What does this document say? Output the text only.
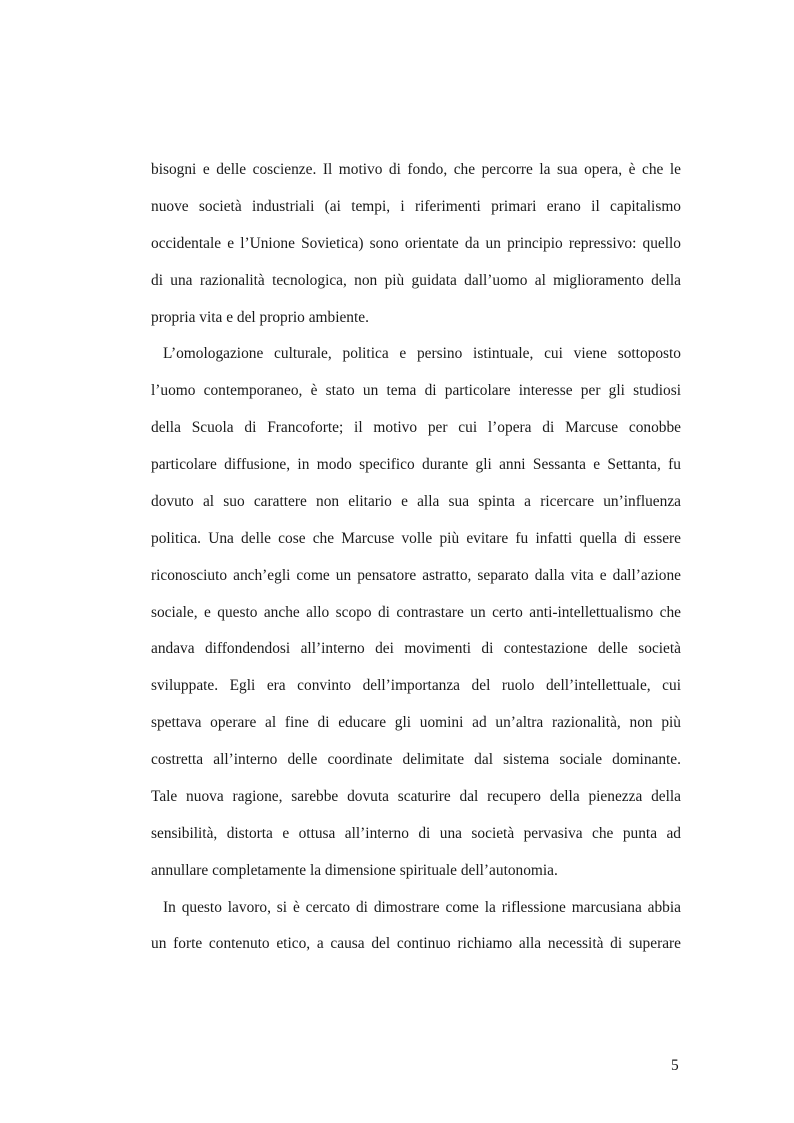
bisogni e delle coscienze. Il motivo di fondo, che percorre la sua opera, è che le
nuove società industriali (ai tempi, i riferimenti primari erano il capitalismo
occidentale e l’Unione Sovietica) sono orientate da un principio repressivo: quello
di una razionalità tecnologica, non più guidata dall’uomo al miglioramento della
propria vita e del proprio ambiente.
L’omologazione culturale, politica e persino istintuale, cui viene sottoposto
l’uomo contemporaneo, è stato un tema di particolare interesse per gli studiosi
della Scuola di Francoforte; il motivo per cui l’opera di Marcuse conobbe
particolare diffusione, in modo specifico durante gli anni Sessanta e Settanta, fu
dovuto al suo carattere non elitario e alla sua spinta a ricercare un’influenza
politica. Una delle cose che Marcuse volle più evitare fu infatti quella di essere
riconosciuto anch’egli come un pensatore astratto, separato dalla vita e dall’azione
sociale, e questo anche allo scopo di contrastare un certo anti-intellettualismo che
andava diffondendosi all’interno dei movimenti di contestazione delle società
sviluppate. Egli era convinto dell’importanza del ruolo dell’intellettuale, cui
spettava operare al fine di educare gli uomini ad un’altra razionalità, non più
costretta all’interno delle coordinate delimitate dal sistema sociale dominante.
Tale nuova ragione, sarebbe dovuta scaturire dal recupero della pienezza della
sensibilità, distorta e ottusa all’interno di una società pervasiva che punta ad
annullare completamente la dimensione spirituale dell’autonomia.
In questo lavoro, si è cercato di dimostrare come la riflessione marcusiana abbia
un forte contenuto etico, a causa del continuo richiamo alla necessità di superare
5
